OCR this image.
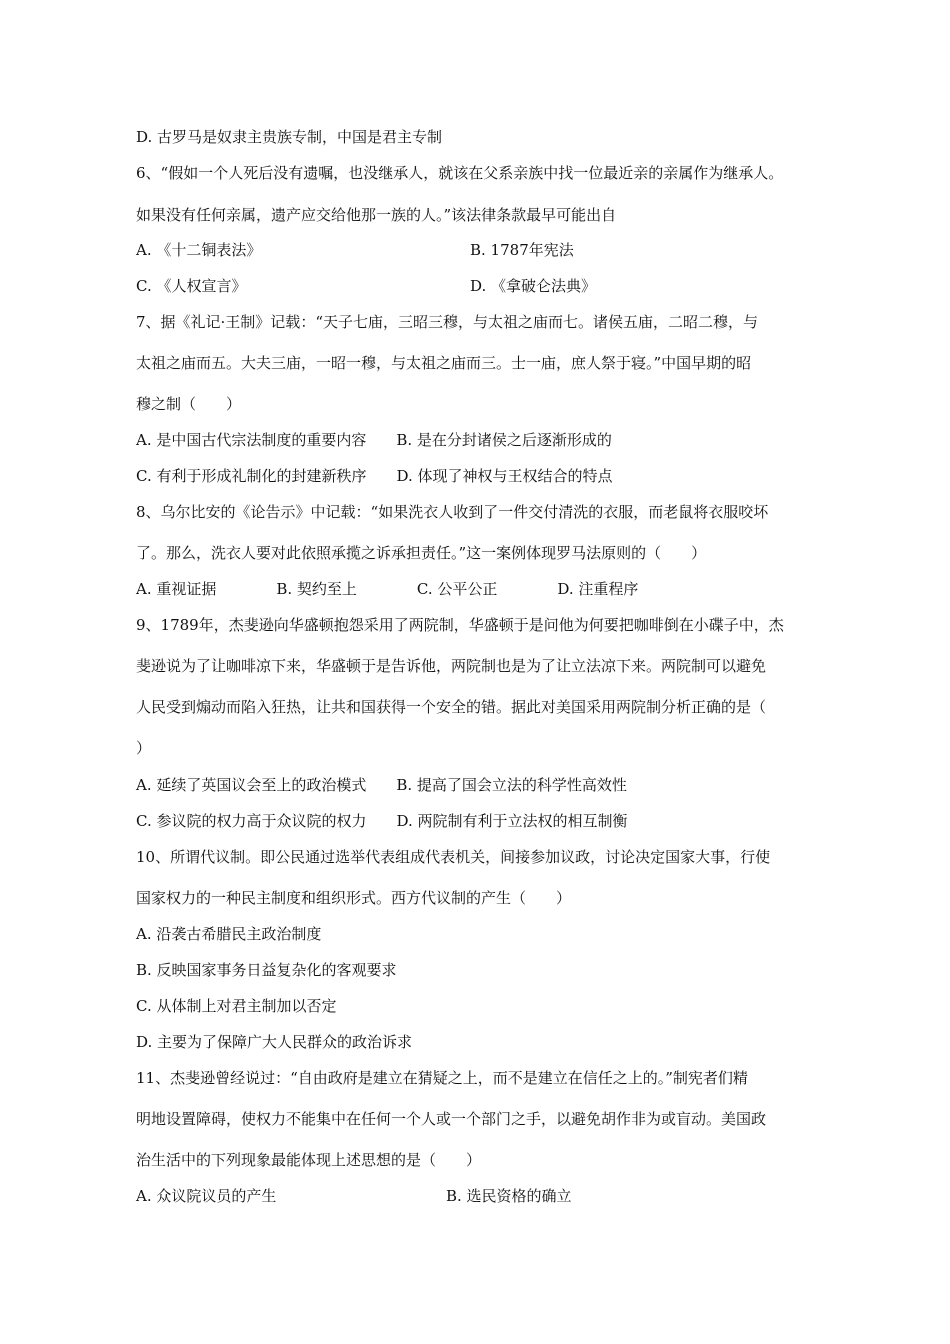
D. 古罗马是奴隶主贵族专制，中国是君主专制
6、“假如一个人死后没有遗嘱，也没继承人，就该在父系亲族中找一位最近亲的亲属作为继承人。
如果没有任何亲属，遗产应交给他那一族的人。”该法律条款最早可能出自
A. 《十二铜表法》	B. 1787年宪法
C. 《人权宣言》	D. 《拿破仑法典》
7、据《礼记·王制》记载：“天子七庙，三昭三穆，与太祖之庙而七。诸侯五庙，二昭二穆，与
太祖之庙而五。大夫三庙，一昭一穆，与太祖之庙而三。士一庙，庶人祭于寝。”中国早期的昭
穆之制（　　）
A. 是中国古代宗法制度的重要内容　　B. 是在分封诸侯之后逐渐形成的
C. 有利于形成礼制化的封建新秩序　　D. 体现了神权与王权结合的特点
8、乌尔比安的《论告示》中记载：“如果洗衣人收到了一件交付清洗的衣服，而老鼠将衣服咬坏
了。那么，洗衣人要对此依照承揽之诉承担责任。”这一案例体现罗马法原则的（　　）
A. 重视证据　　　　B. 契约至上　　　　C. 公平公正　　　　D. 注重程序
9、1789年，杰斐逊向华盛顿抱怨采用了两院制，华盛顿于是问他为何要把咖啡倒在小碟子中，杰
斐逊说为了让咖啡凉下来，华盛顿于是告诉他，两院制也是为了让立法凉下来。两院制可以避免
人民受到煽动而陷入狂热，让共和国获得一个安全的错。据此对美国采用两院制分析正确的是（
）
A. 延续了英国议会至上的政治模式　　B. 提高了国会立法的科学性高效性
C. 参议院的权力高于众议院的权力　　D. 两院制有利于立法权的相互制衡
10、所谓代议制。即公民通过选举代表组成代表机关，间接参加议政，讨论决定国家大事，行使
国家权力的一种民主制度和组织形式。西方代议制的产生（　　）
A. 沿袭古希腊民主政治制度
B. 反映国家事务日益复杂化的客观要求
C. 从体制上对君主制加以否定
D. 主要为了保障广大人民群众的政治诉求
11、杰斐逊曾经说过：“自由政府是建立在猜疑之上，而不是建立在信任之上的。”制宪者们精
明地设置障碍，使权力不能集中在任何一个人或一个部门之手，以避免胡作非为或盲动。美国政
治生活中的下列现象最能体现上述思想的是（　　）
A. 众议院议员的产生	B. 选民资格的确立
